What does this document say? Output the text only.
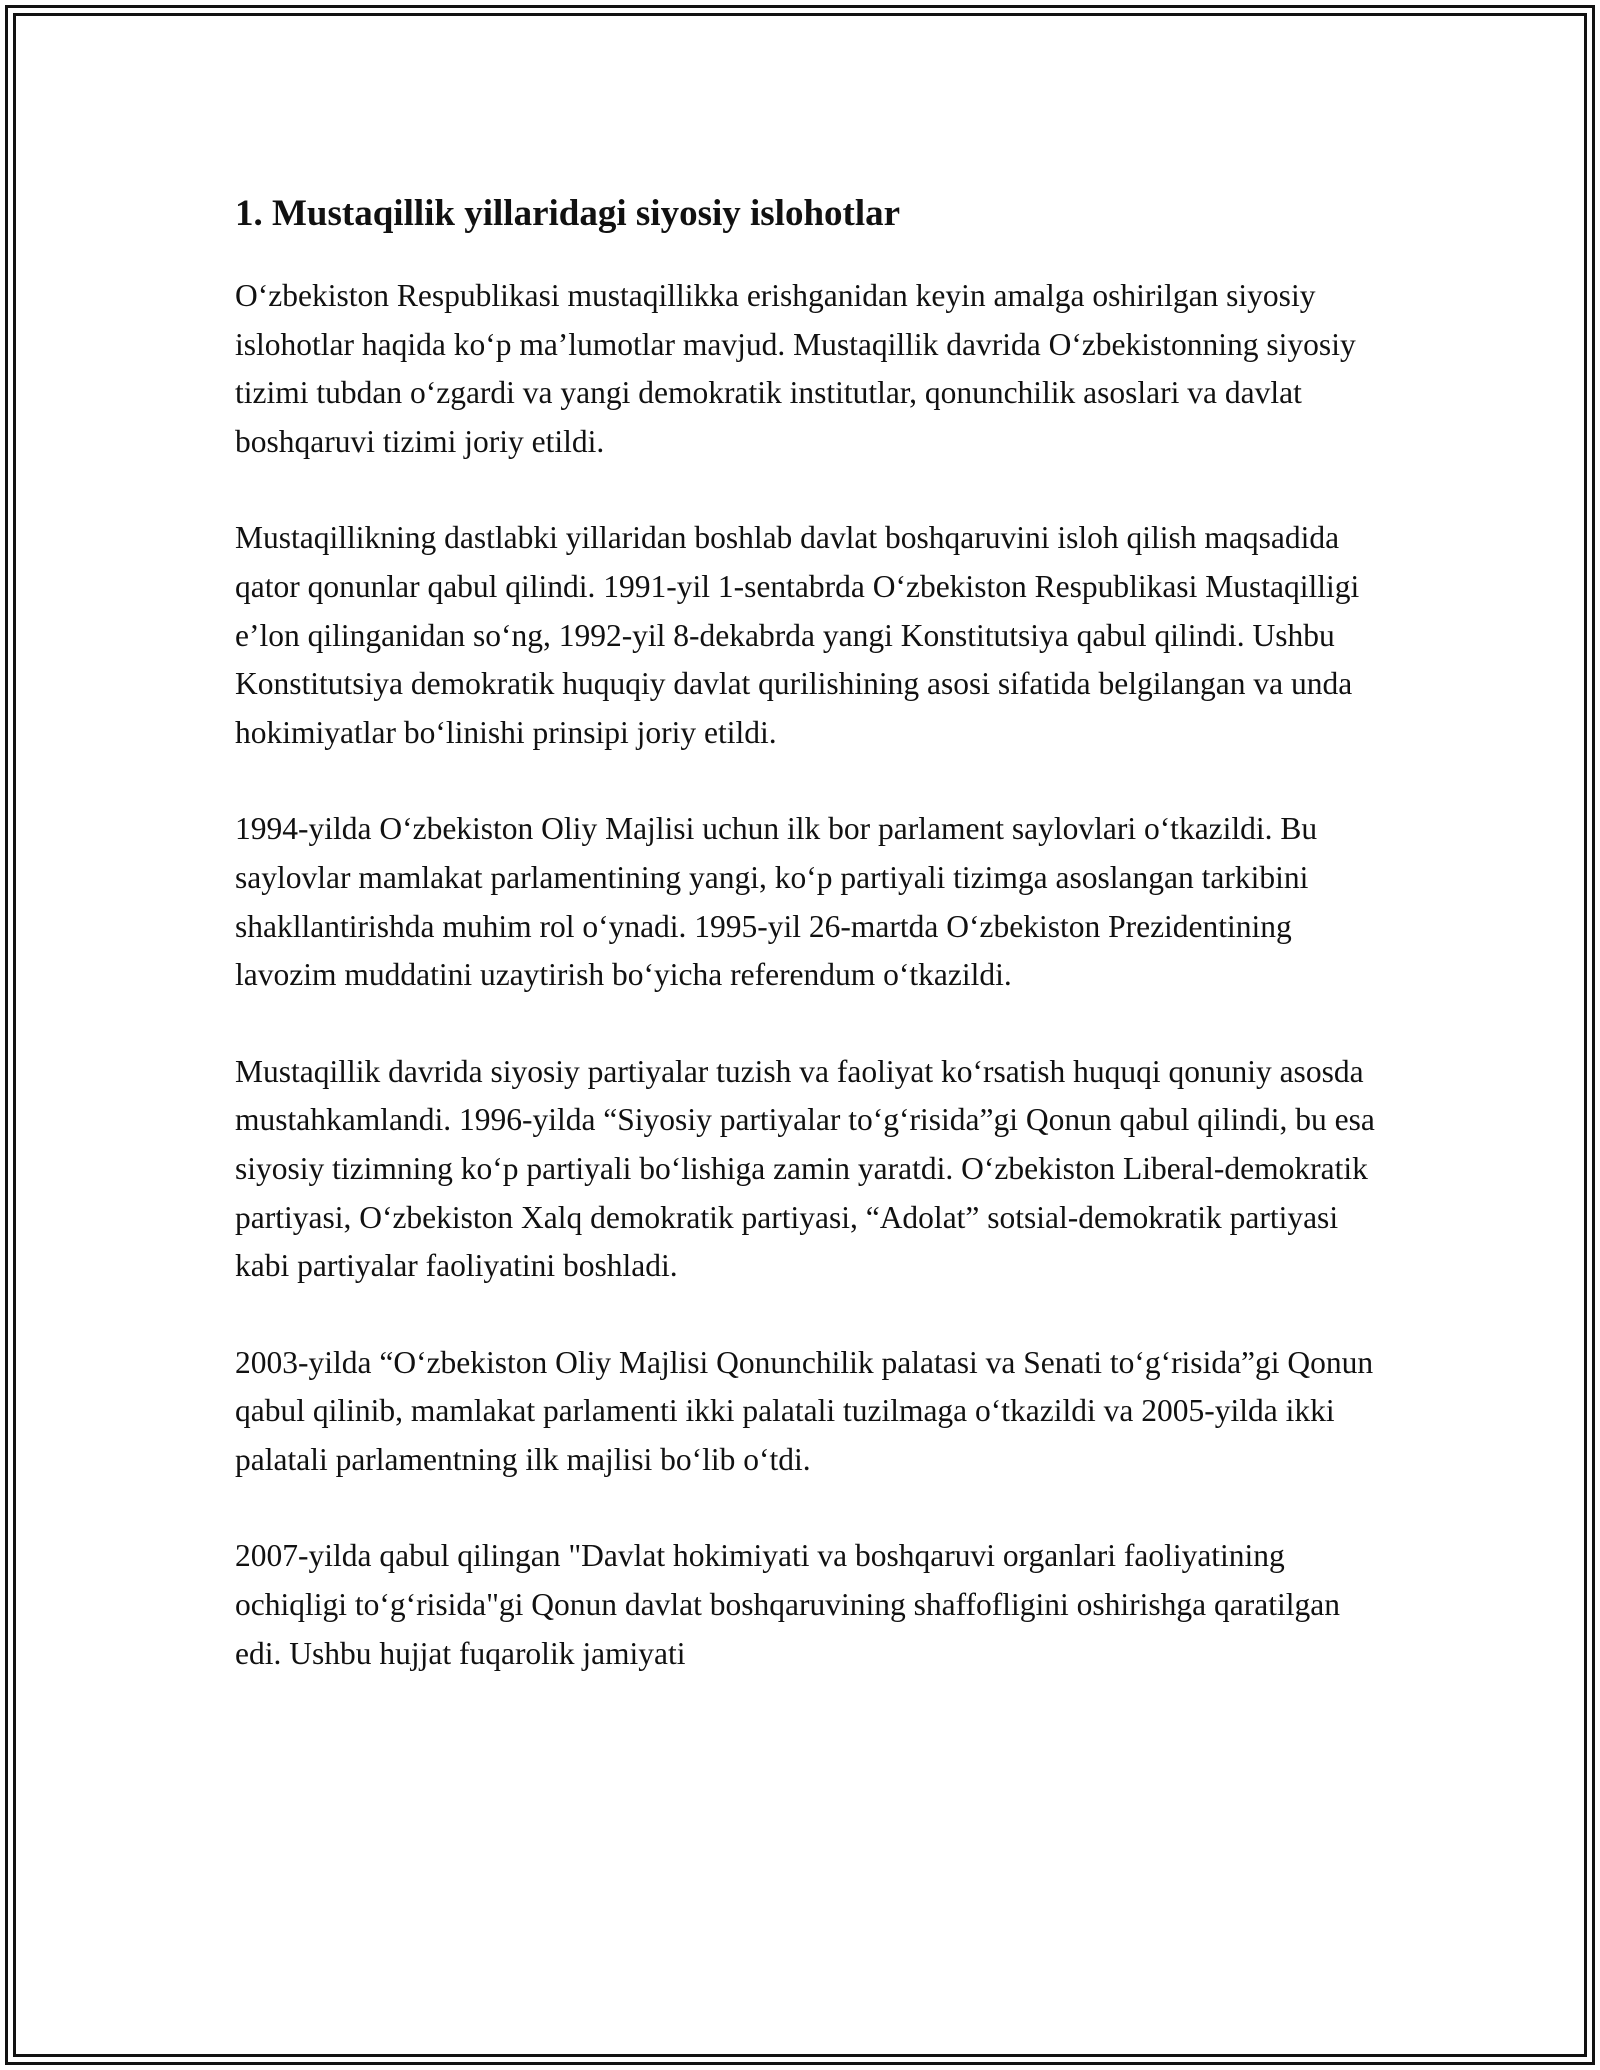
1. Mustaqillik yillaridagi siyosiy islohotlar

O‘zbekiston Respublikasi mustaqillikka erishganidan keyin amalga oshirilgan siyosiy islohotlar haqida ko‘p ma’lumotlar mavjud. Mustaqillik davrida O‘zbekistonning siyosiy tizimi tubdan o‘zgardi va yangi demokratik institutlar, qonunchilik asoslari va davlat boshqaruvi tizimi joriy etildi.

Mustaqillikning dastlabki yillaridan boshlab davlat boshqaruvini isloh qilish maqsadida qator qonunlar qabul qilindi. 1991-yil 1-sentabrda O‘zbekiston Respublikasi Mustaqilligi e’lon qilinganidan so‘ng, 1992-yil 8-dekabrda yangi Konstitutsiya qabul qilindi. Ushbu Konstitutsiya demokratik huquqiy davlat qurilishining asosi sifatida belgilangan va unda hokimiyatlar bo‘linishi prinsipi joriy etildi.

1994-yilda O‘zbekiston Oliy Majlisi uchun ilk bor parlament saylovlari o‘tkazildi. Bu saylovlar mamlakat parlamentining yangi, ko‘p partiyali tizimga asoslangan tarkibini shakllantirishda muhim rol o‘ynadi. 1995-yil 26-martda O‘zbekiston Prezidentining lavozim muddatini uzaytirish bo‘yicha referendum o‘tkazildi.

Mustaqillik davrida siyosiy partiyalar tuzish va faoliyat ko‘rsatish huquqi qonuniy asosda mustahkamlandi. 1996-yilda “Siyosiy partiyalar to‘g‘risida”gi Qonun qabul qilindi, bu esa siyosiy tizimning ko‘p partiyali bo‘lishiga zamin yaratdi. O‘zbekiston Liberal-demokratik partiyasi, O‘zbekiston Xalq demokratik partiyasi, “Adolat” sotsial-demokratik partiyasi kabi partiyalar faoliyatini boshladi.

2003-yilda “O‘zbekiston Oliy Majlisi Qonunchilik palatasi va Senati to‘g‘risida”gi Qonun qabul qilinib, mamlakat parlamenti ikki palatali tuzilmaga o‘tkazildi va 2005-yilda ikki palatali parlamentning ilk majlisi bo‘lib o‘tdi.

2007-yilda qabul qilingan "Davlat hokimiyati va boshqaruvi organlari faoliyatining ochiqligi to‘g‘risida"gi Qonun davlat boshqaruvining shaffofligini oshirishga qaratilgan edi. Ushbu hujjat fuqarolik jamiyati
